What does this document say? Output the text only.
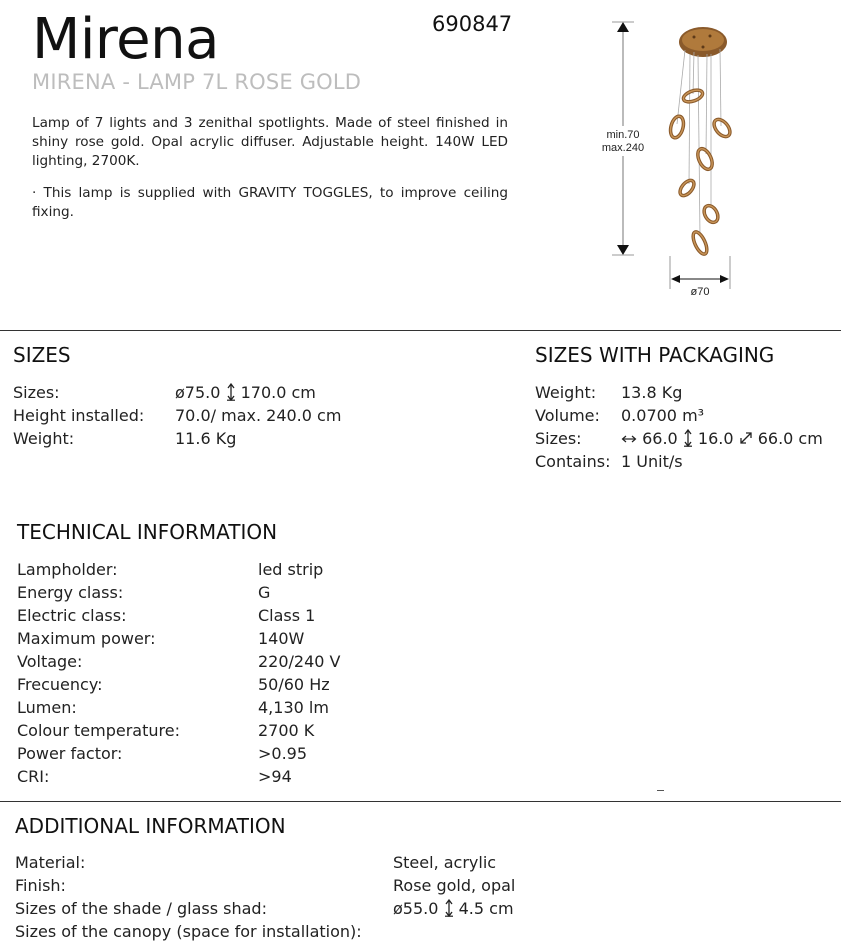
Mirena	690847
MIRENA - LAMP 7L ROSE GOLD
Lamp of 7 lights and 3 zenithal spotlights. Made of steel finished in shiny rose gold. Opal acrylic diffuser. Adjustable height. 140W LED lighting, 2700K.
· This lamp is supplied with GRAVITY TOGGLES, to improve ceiling fixing.
min.70
max.240
ø70
SIZES
Sizes:	ø75.0 170.0 cm
Height installed: 70.0/ max. 240.0 cm
Weight:	11.6 Kg
SIZES WITH PACKAGING
Weight: 13.8 Kg
Volume: 0.0700 m³
Sizes:	66.0 16.0 66.0 cm
Contains: 1 Unit/s
TECHNICAL INFORMATION
Lampholder:	led strip
Energy class:	G
Electric class:	Class 1
Maximum power:	140W
Voltage:	220/240 V
Frecuency:	50/60 Hz
Lumen:	4,130 lm
Colour temperature:	2700 K
Power factor:	>0.95
CRI:	>94
ADDITIONAL INFORMATION
Material:	Steel, acrylic
Finish:	Rose gold, opal
Sizes of the shade / glass shad:	ø55.0 4.5 cm
Sizes of the canopy (space for installation):
